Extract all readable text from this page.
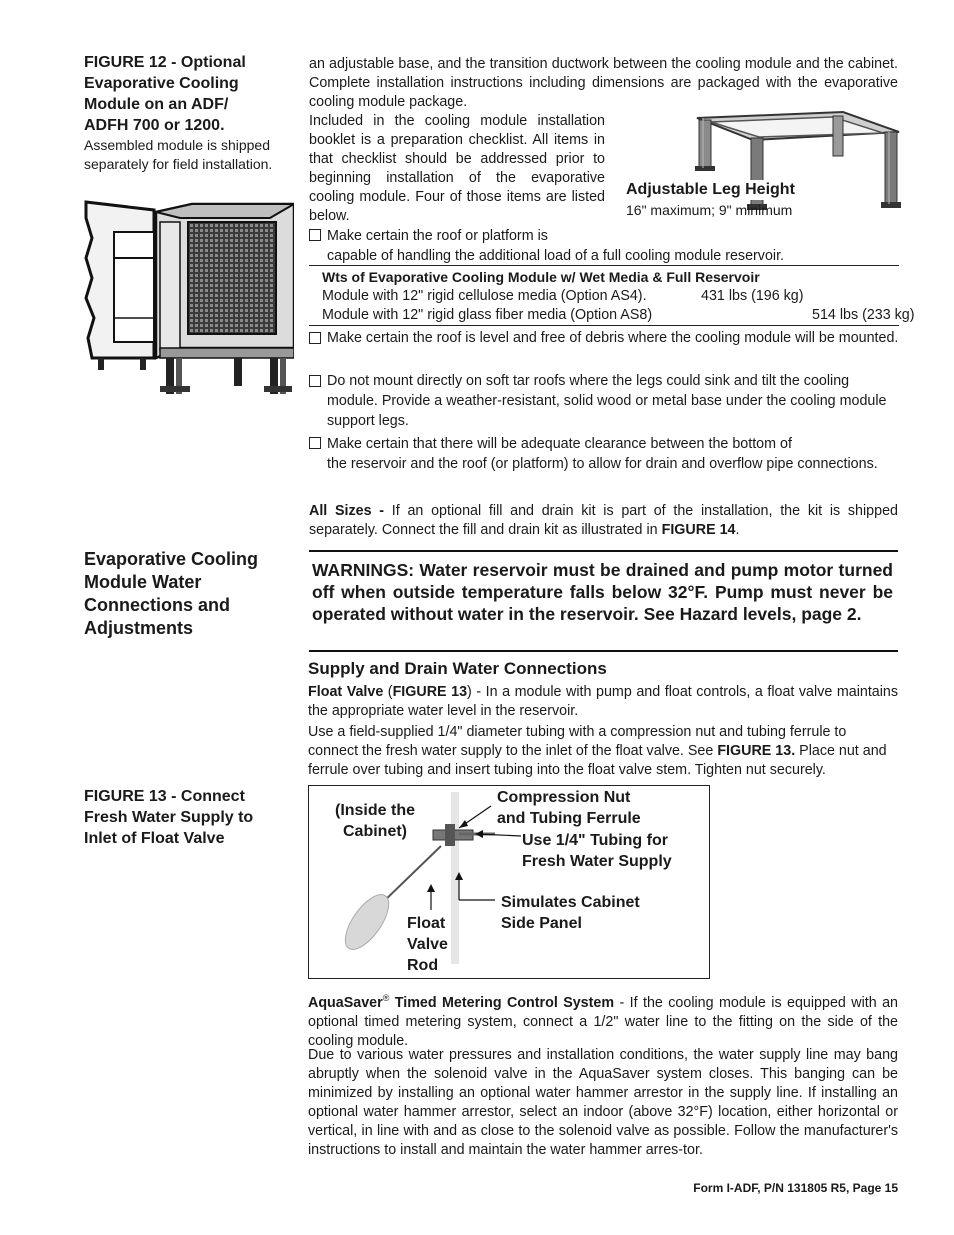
FIGURE 12 - Optional Evaporative Cooling Module on an ADF/ ADFH 700 or 1200.
Assembled module is shipped separately for field installation.
Evaporative Cooling Module Water Connections and Adjustments
FIGURE 13 - Connect Fresh Water Supply to Inlet of Float Valve
an adjustable base, and the transition ductwork between the cooling module and the cabinet. Complete installation instructions including dimensions are packaged with the evaporative cooling module package.
Included in the cooling module installation booklet is a preparation checklist. All items in that checklist should be addressed prior to beginning installation of the evaporative cooling module. Four of those items are listed below.
Adjustable Leg Height
16" maximum; 9" minimum
Make certain the roof or platform is
capable of handling the additional load of a full cooling module reservoir.
Wts of Evaporative Cooling Module w/ Wet Media & Full Reservoir
Module with 12" rigid cellulose media (Option AS4).	431 lbs (196 kg)
Module with 12" rigid glass fiber media (Option AS8)	514 lbs (233 kg)
Make certain the roof is level and free of debris where the cooling module will be mounted.
Do not mount directly on soft tar roofs where the legs could sink and tilt the cooling module. Provide a weather-resistant, solid wood or metal base under the cooling module support legs.
Make certain that there will be adequate clearance between the bottom of
the reservoir and the roof (or platform) to allow for drain and overflow pipe connections.
All Sizes - If an optional fill and drain kit is part of the installation, the kit is shipped separately. Connect the fill and drain kit as illustrated in FIGURE 14.
WARNINGS: Water reservoir must be drained and pump motor turned off when outside temperature falls below 32°F. Pump must never be operated without water in the reservoir. See Hazard levels, page 2.
Supply and Drain Water Connections
Float Valve (FIGURE 13) - In a module with pump and float controls, a float valve maintains the appropriate water level in the reservoir.
Use a field-supplied 1/4" diameter tubing with a compression nut and tubing ferrule to connect the fresh water supply to the inlet of the float valve. See FIGURE 13. Place nut and ferrule over tubing and insert tubing into the float valve stem. Tighten nut securely.
(Inside the
Cabinet)
Compression Nut
and Tubing Ferrule
Use 1/4" Tubing for
Fresh Water Supply
Simulates Cabinet
Side Panel
Float
Valve
Rod
AquaSaver® Timed Metering Control System - If the cooling module is equipped with an optional timed metering system, connect a 1/2" water line to the fitting on the side of the cooling module.
Due to various water pressures and installation conditions, the water supply line may bang abruptly when the solenoid valve in the AquaSaver system closes. This banging can be minimized by installing an optional water hammer arrestor in the supply line. If installing an optional water hammer arrestor, select an indoor (above 32°F) location, either horizontal or vertical, in line with and as close to the solenoid valve as possible. Follow the manufacturer's instructions to install and maintain the water hammer arres-tor.
Form I-ADF, P/N 131805 R5, Page 15
